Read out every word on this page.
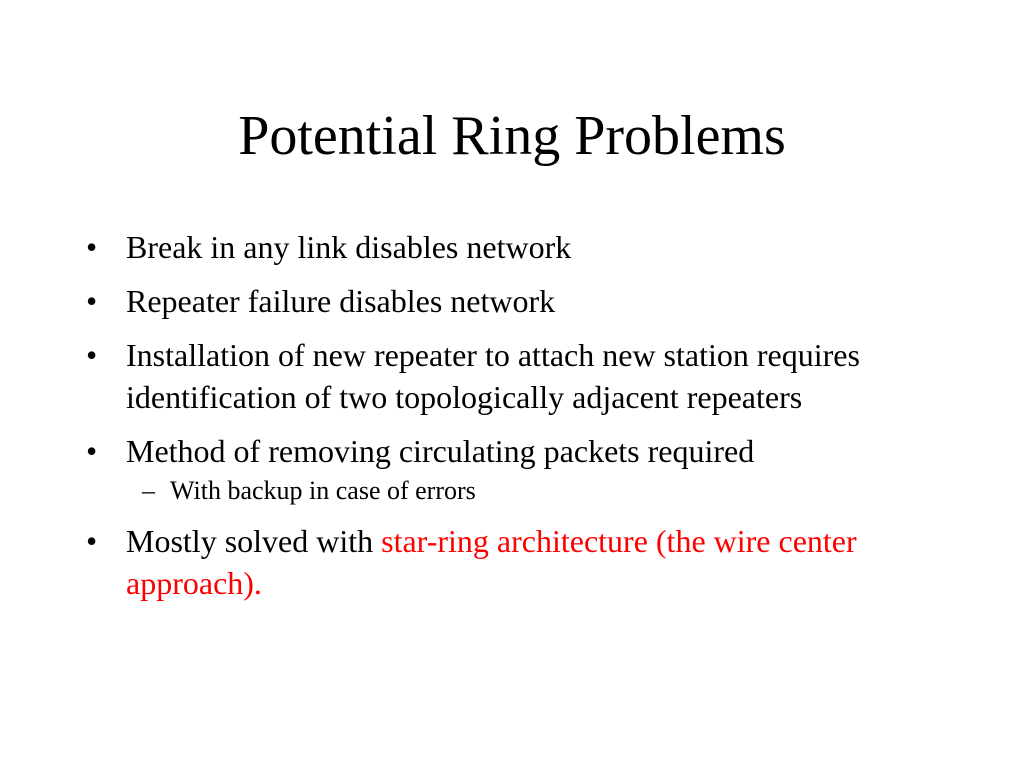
Potential Ring Problems
• Break in any link disables network
• Repeater failure disables network
• Installation of new repeater to attach new station requires identification of two topologically adjacent repeaters
• Method of removing circulating packets required
– With backup in case of errors
• Mostly solved with star-ring architecture (the wire center approach).
